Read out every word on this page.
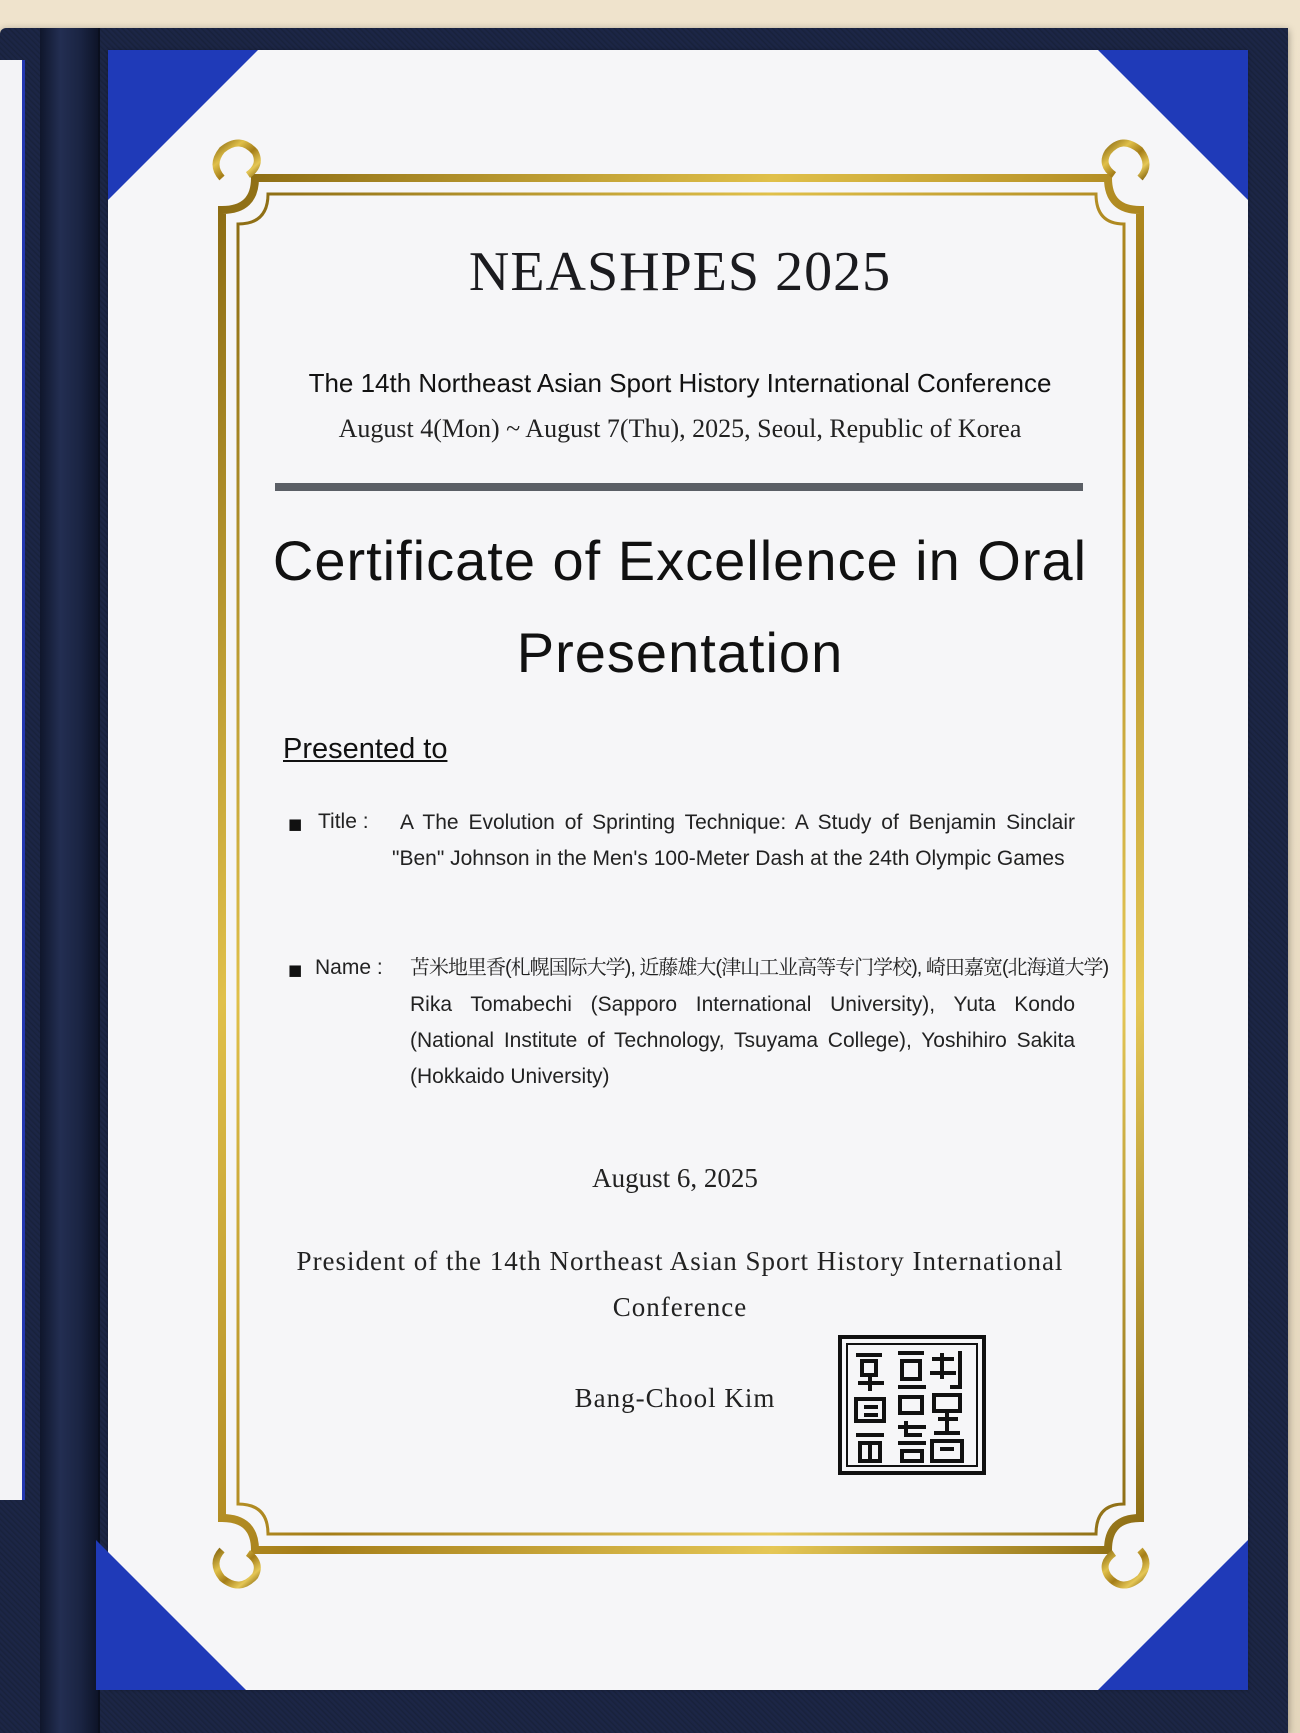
NEASHPES 2025
The 14th Northeast Asian Sport History International Conference
August 4(Mon) ~ August 7(Thu), 2025, Seoul, Republic of Korea
Certificate of Excellence in Oral Presentation
Presented to
■ Title :	A The Evolution of Sprinting Technique: A Study of Benjamin Sinclair "Ben" Johnson in the Men's 100-Meter Dash at the 24th Olympic Games
■ Name : 苫米地里香(札幌国际大学), 近藤雄大(津山工业高等专门学校), 崎田嘉宽(北海道大学)
Rika Tomabechi (Sapporo International University), Yuta Kondo (National Institute of Technology, Tsuyama College), Yoshihiro Sakita (Hokkaido University)
August 6, 2025
President of the 14th Northeast Asian Sport History International Conference
Bang-Chool Kim
